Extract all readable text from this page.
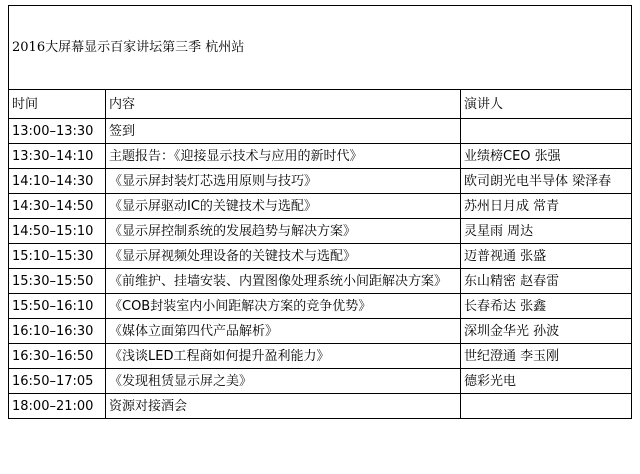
2016大屏幕显示百家讲坛第三季 杭州站		
时间	内容	演讲人
13:00–13:30	签到	
13:30–14:10	主题报告：《迎接显示技术与应用的新时代》	业绩榜CEO 张强
14:10–14:30	《显示屏封装灯芯选用原则与技巧》	欧司朗光电半导体 梁泽春
14:30–14:50	《显示屏驱动IC的关键技术与选配》	苏州日月成 常青
14:50–15:10	《显示屏控制系统的发展趋势与解决方案》	灵星雨 周达
15:10–15:30	《显示屏视频处理设备的关键技术与选配》	迈普视通 张盛
15:30–15:50	《前维护、挂墙安装、内置图像处理系统小间距解决方案》	东山精密 赵春雷
15:50–16:10	《COB封装室内小间距解决方案的竞争优势》	长春希达 张鑫
16:10–16:30	《媒体立面第四代产品解析》	深圳金华光 孙波
16:30–16:50	《浅谈LED工程商如何提升盈利能力》	世纪澄通 李玉刚
16:50–17:05	《发现租赁显示屏之美》	德彩光电
18:00–21:00	资源对接酒会	
